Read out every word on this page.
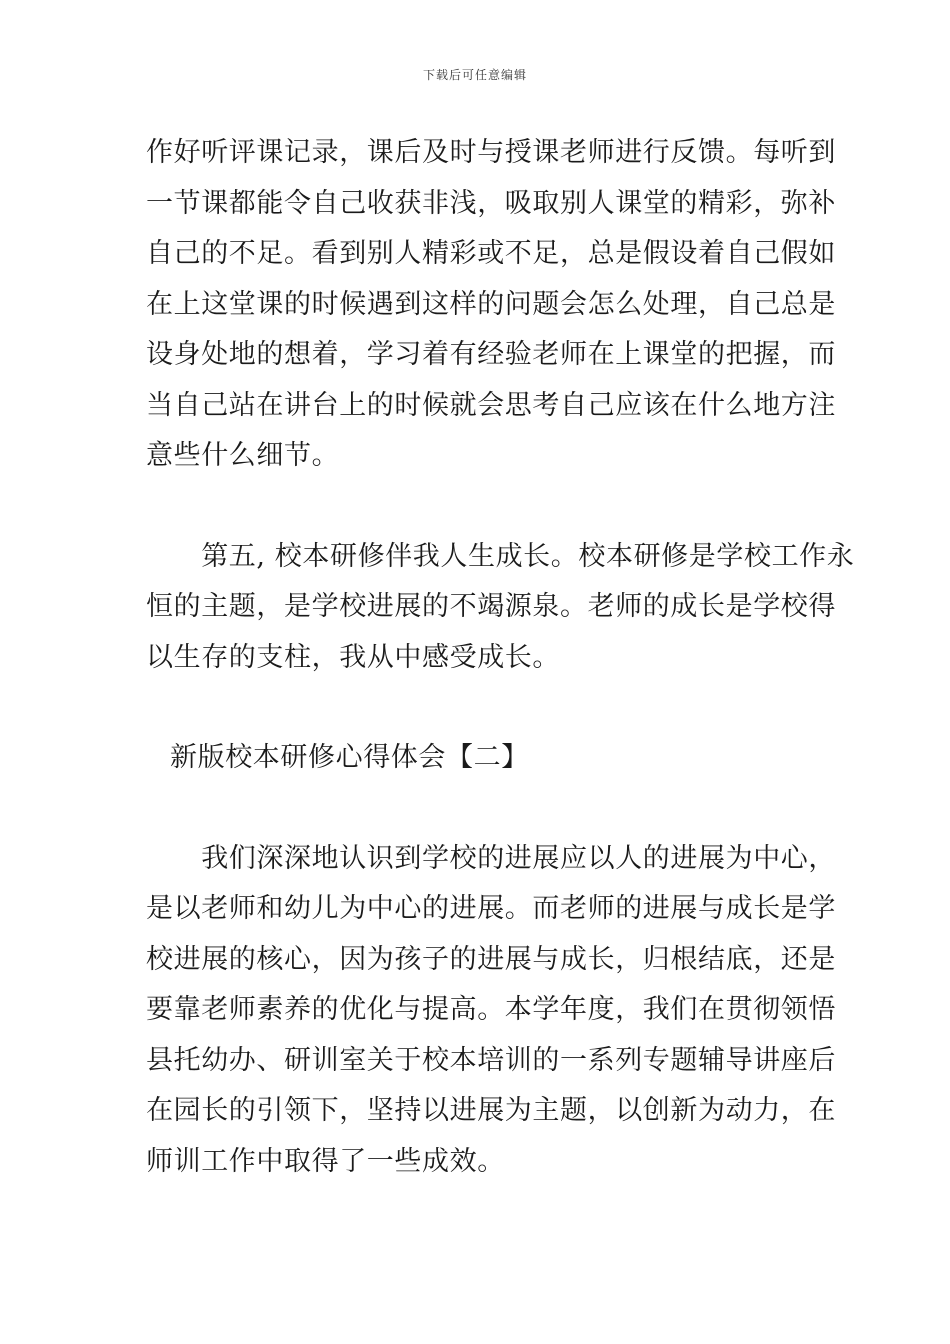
下载后可任意编辑
作好听评课记录，课后及时与授课老师进行反馈。每听到
一节课都能令自己收获非浅，吸取别人课堂的精彩，弥补
自己的不足。看到别人精彩或不足，总是假设着自己假如
在上这堂课的时候遇到这样的问题会怎么处理，自己总是
设身处地的想着，学习着有经验老师在上课堂的把握，而
当自己站在讲台上的时候就会思考自己应该在什么地方注
意些什么细节。
　　第五, 校本研修伴我人生成长。校本研修是学校工作永
恒的主题，是学校进展的不竭源泉。老师的成长是学校得
以生存的支柱，我从中感受成长。
新版校本研修心得体会【二】
　　我们深深地认识到学校的进展应以人的进展为中心，
是以老师和幼儿为中心的进展。而老师的进展与成长是学
校进展的核心，因为孩子的进展与成长，归根结底，还是
要靠老师素养的优化与提高。本学年度，我们在贯彻领悟
县托幼办、研训室关于校本培训的一系列专题辅导讲座后
在园长的引领下，坚持以进展为主题，以创新为动力，在
师训工作中取得了一些成效。
